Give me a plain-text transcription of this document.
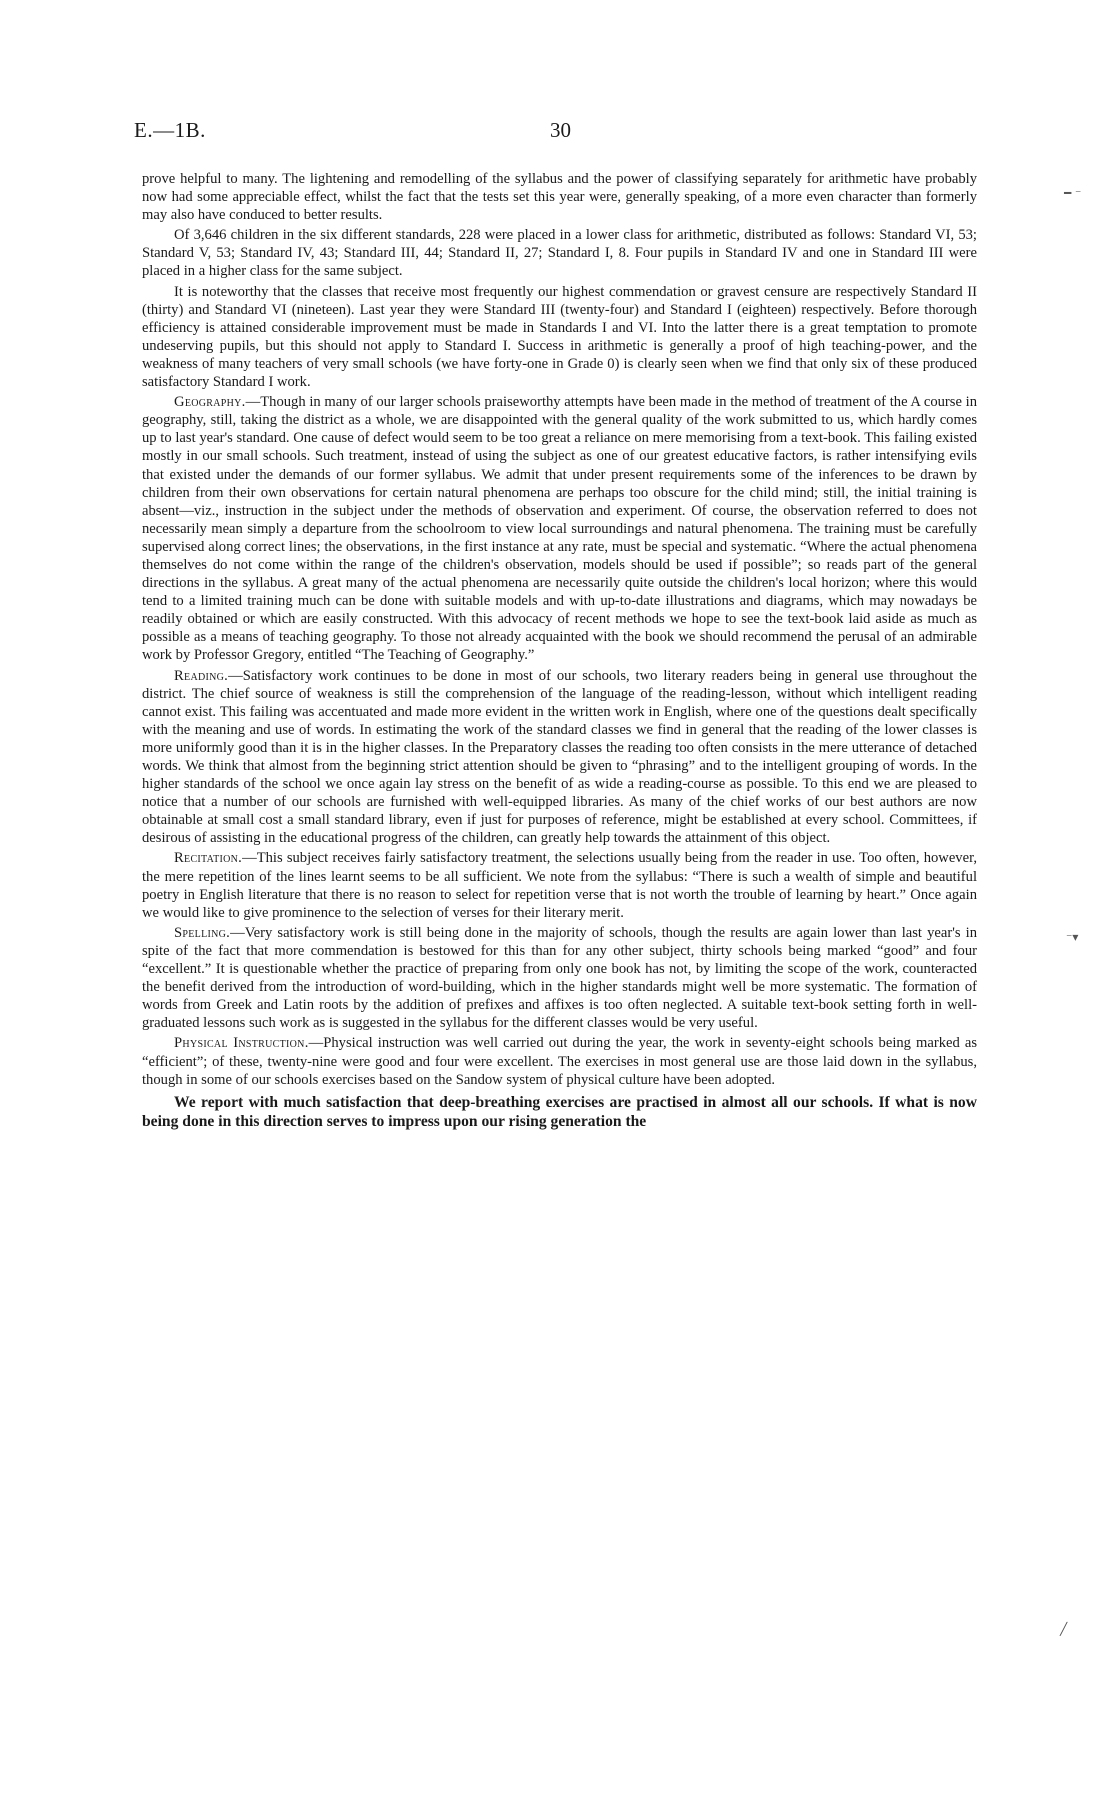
E.—1B.	30

prove helpful to many. The lightening and remodelling of the syllabus and the power of classifying separately for arithmetic have probably now had some appreciable effect, whilst the fact that the tests set this year were, generally speaking, of a more even character than formerly may also have conduced to better results.

Of 3,646 children in the six different standards, 228 were placed in a lower class for arithmetic, distributed as follows: Standard VI, 53; Standard V, 53; Standard IV, 43; Standard III, 44; Standard II, 27; Standard I, 8. Four pupils in Standard IV and one in Standard III were placed in a higher class for the same subject.

It is noteworthy that the classes that receive most frequently our highest commendation or gravest censure are respectively Standard II (thirty) and Standard VI (nineteen). Last year they were Standard III (twenty-four) and Standard I (eighteen) respectively. Before thorough efficiency is attained considerable improvement must be made in Standards I and VI. Into the latter there is a great temptation to promote undeserving pupils, but this should not apply to Standard I. Success in arithmetic is generally a proof of high teaching-power, and the weakness of many teachers of very small schools (we have forty-one in Grade 0) is clearly seen when we find that only six of these produced satisfactory Standard I work.

Geography.—Though in many of our larger schools praiseworthy attempts have been made in the method of treatment of the A course in geography, still, taking the district as a whole, we are disappointed with the general quality of the work submitted to us, which hardly comes up to last year's standard. One cause of defect would seem to be too great a reliance on mere memorising from a text-book. This failing existed mostly in our small schools. Such treatment, instead of using the subject as one of our greatest educative factors, is rather intensifying evils that existed under the demands of our former syllabus. We admit that under present requirements some of the inferences to be drawn by children from their own observations for certain natural phenomena are perhaps too obscure for the child mind; still, the initial training is absent—viz., instruction in the subject under the methods of observation and experiment. Of course, the observation referred to does not necessarily mean simply a departure from the schoolroom to view local surroundings and natural phenomena. The training must be carefully supervised along correct lines; the observations, in the first instance at any rate, must be special and systematic. “Where the actual phenomena themselves do not come within the range of the children's observation, models should be used if possible”; so reads part of the general directions in the syllabus. A great many of the actual phenomena are necessarily quite outside the children's local horizon; where this would tend to a limited training much can be done with suitable models and with up-to-date illustrations and diagrams, which may nowadays be readily obtained or which are easily constructed. With this advocacy of recent methods we hope to see the text-book laid aside as much as possible as a means of teaching geography. To those not already acquainted with the book we should recommend the perusal of an admirable work by Professor Gregory, entitled “The Teaching of Geography.”

Reading.—Satisfactory work continues to be done in most of our schools, two literary readers being in general use throughout the district. The chief source of weakness is still the comprehension of the language of the reading-lesson, without which intelligent reading cannot exist. This failing was accentuated and made more evident in the written work in English, where one of the questions dealt specifically with the meaning and use of words. In estimating the work of the standard classes we find in general that the reading of the lower classes is more uniformly good than it is in the higher classes. In the Preparatory classes the reading too often consists in the mere utterance of detached words. We think that almost from the beginning strict attention should be given to “phrasing” and to the intelligent grouping of words. In the higher standards of the school we once again lay stress on the benefit of as wide a reading-course as possible. To this end we are pleased to notice that a number of our schools are furnished with well-equipped libraries. As many of the chief works of our best authors are now obtainable at small cost a small standard library, even if just for purposes of reference, might be established at every school. Committees, if desirous of assisting in the educational progress of the children, can greatly help towards the attainment of this object.

Recitation.—This subject receives fairly satisfactory treatment, the selections usually being from the reader in use. Too often, however, the mere repetition of the lines learnt seems to be all sufficient. We note from the syllabus: “There is such a wealth of simple and beautiful poetry in English literature that there is no reason to select for repetition verse that is not worth the trouble of learning by heart.” Once again we would like to give prominence to the selection of verses for their literary merit.

Spelling.—Very satisfactory work is still being done in the majority of schools, though the results are again lower than last year's in spite of the fact that more commendation is bestowed for this than for any other subject, thirty schools being marked “good” and four “excellent.” It is questionable whether the practice of preparing from only one book has not, by limiting the scope of the work, counteracted the benefit derived from the introduction of word-building, which in the higher standards might well be more systematic. The formation of words from Greek and Latin roots by the addition of prefixes and affixes is too often neglected. A suitable text-book setting forth in well-graduated lessons such work as is suggested in the syllabus for the different classes would be very useful.

Physical Instruction.—Physical instruction was well carried out during the year, the work in seventy-eight schools being marked as “efficient”; of these, twenty-nine were good and four were excellent. The exercises in most general use are those laid down in the syllabus, though in some of our schools exercises based on the Sandow system of physical culture have been adopted.

We report with much satisfaction that deep-breathing exercises are practised in almost all our schools. If what is now being done in this direction serves to impress upon our rising generation the

━ ⁻
⁻▾
╱
